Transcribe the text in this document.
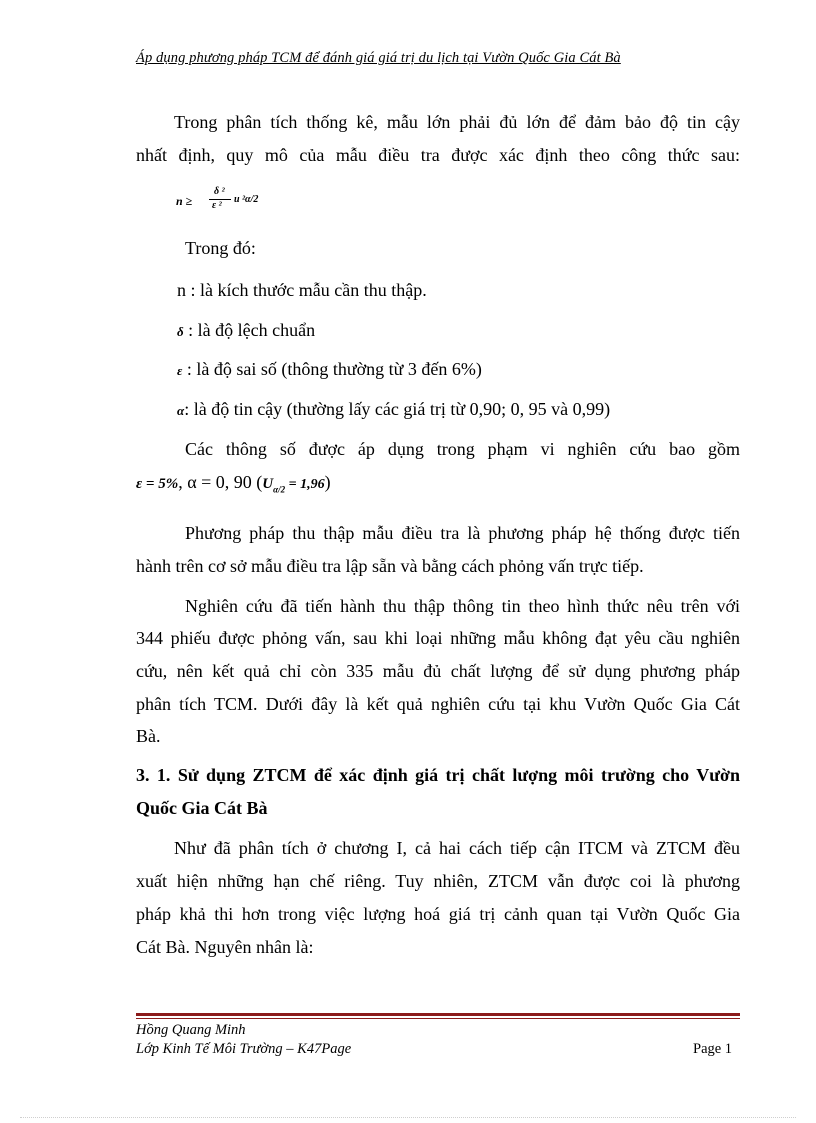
Áp dụng phương pháp TCM để đánh giá giá trị du lịch tại Vườn Quốc Gia Cát Bà
Trong phân tích thống kê, mẫu lớn phải đủ lớn để đảm bảo độ tin cậy
nhất định, quy mô của mẫu điều tra được xác định theo công thức sau:
n ≥
δ ²
ε ²
u ²α/2
Trong đó:
n : là kích thước mẫu cần thu thập.
δ : là độ lệch chuẩn
ε : là độ sai số (thông thường từ 3 đến 6%)
α: là độ tin cậy (thường lấy các giá trị từ 0,90; 0, 95 và 0,99)
Các thông số được áp dụng trong phạm vi nghiên cứu bao gồm
ε = 5%, α = 0, 90 $(U_{\alpha/2} = 1,96)$
Phương pháp thu thập mẫu điều tra là phương pháp hệ thống được tiến
hành trên cơ sở mẫu điều tra lập sẵn và bằng cách phỏng vấn trực tiếp.
Nghiên cứu đã tiến hành thu thập thông tin theo hình thức nêu trên với
344 phiếu được phỏng vấn, sau khi loại những mẫu không đạt yêu cầu nghiên
cứu, nên kết quả chỉ còn 335 mẫu đủ chất lượng để sử dụng phương pháp
phân tích TCM. Dưới đây là kết quả nghiên cứu tại khu Vườn Quốc Gia Cát
Bà.
3. 1. Sử dụng ZTCM để xác định giá trị chất lượng môi trường cho Vườn
Quốc Gia Cát Bà
Như đã phân tích ở chương I, cả hai cách tiếp cận ITCM và ZTCM đều
xuất hiện những hạn chế riêng. Tuy nhiên, ZTCM vẫn được coi là phương
pháp khả thi hơn trong việc lượng hoá giá trị cảnh quan tại Vườn Quốc Gia
Cát Bà. Nguyên nhân là:
Hồng Quang Minh
Lớp Kinh Tế Môi Trường – K47Page	Page 1
